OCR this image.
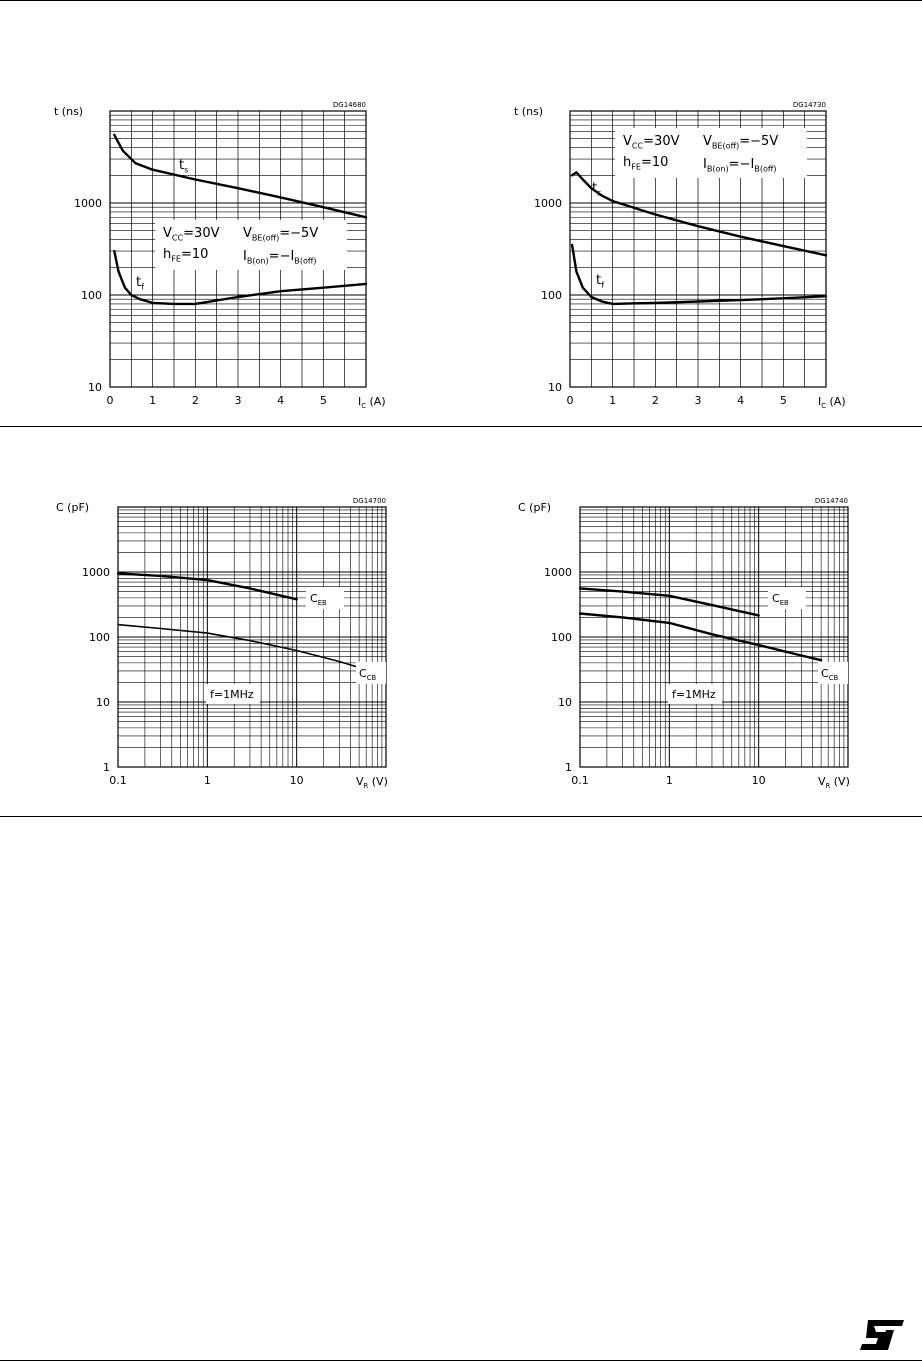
10
100
1000
0	1	2	3	4	5
t (ns)
$I_C$ (A)
DG14680
$V_{CC}=30V$
$h_{FE}=10$
$V_{BE(off)}=-5V$
$I_{B(on)}=-I_{B(off)}$
$t_s$
$t_f$
10
100
1000
0	1	2	3	4	5
t (ns)
$I_C$ (A)
DG14730
$V_{CC}=30V$
$h_{FE}=10$
$V_{BE(off)}=-5V$
$I_{B(on)}=-I_{B(off)}$
$t_s$
$t_f$
1
10
100
1000
0.1	1	10
C (pF)
$V_R$ (V)
DG14700
$C_{EB}$
$C_{CB}$
f=1MHz
1
10
100
1000
0.1	1	10
C (pF)
$V_R$ (V)
DG14740
$C_{EB}$
$C_{CB}$
f=1MHz
